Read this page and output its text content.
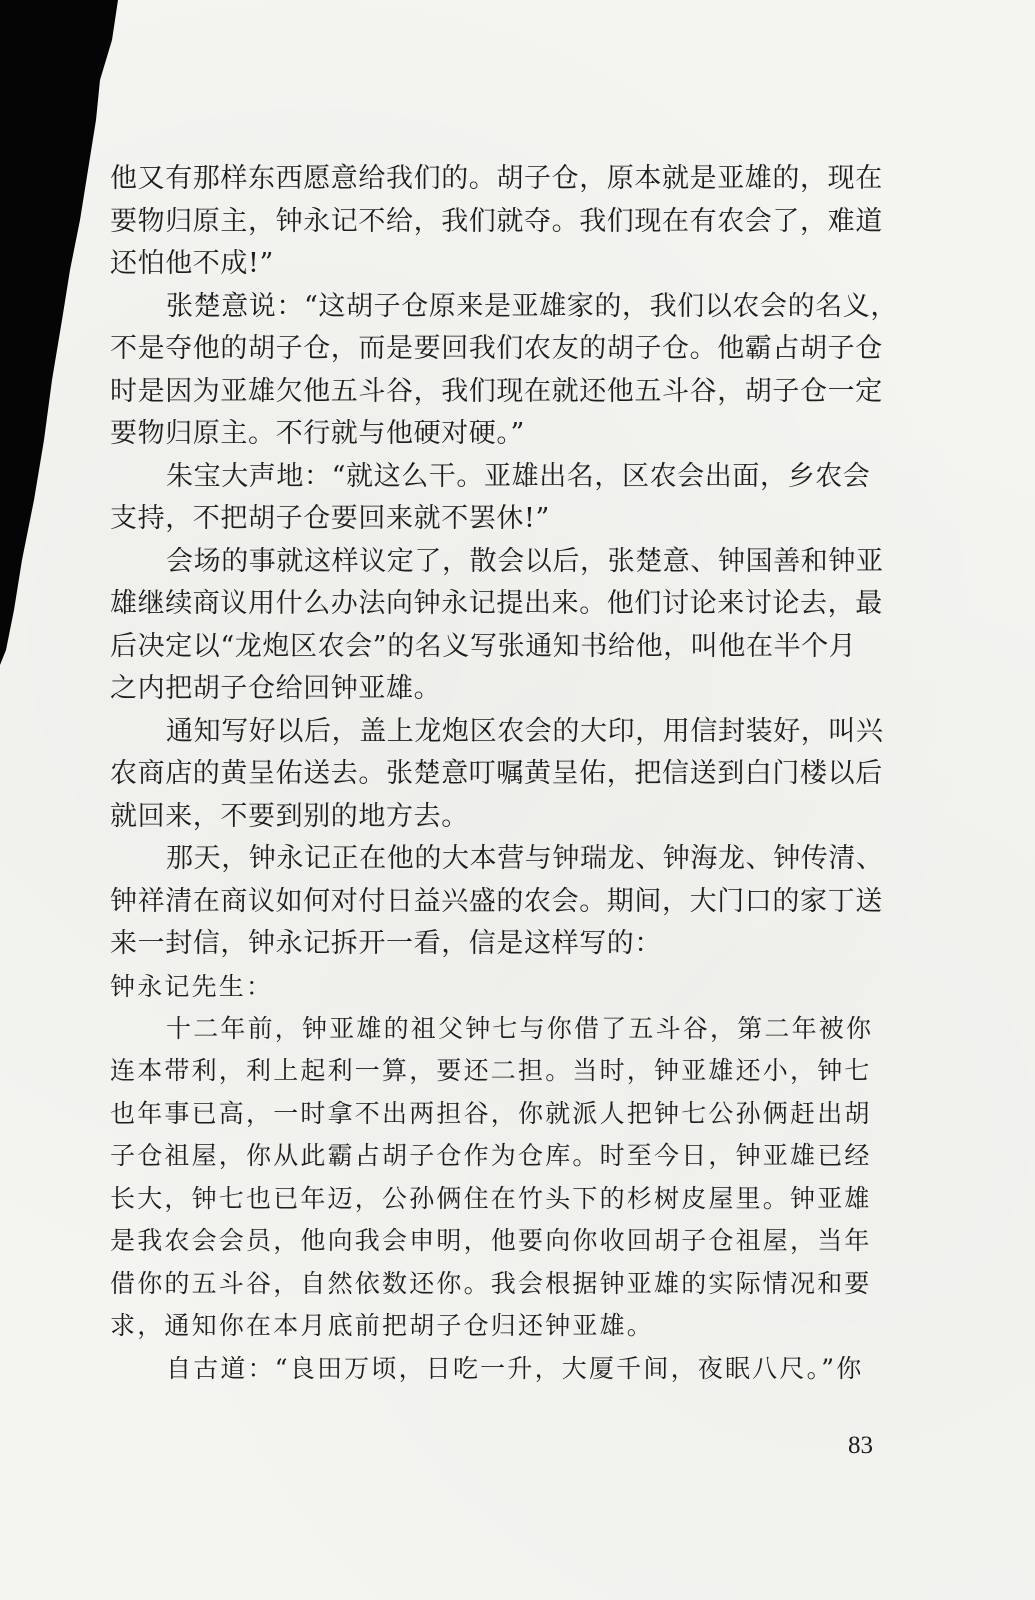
他又有那样东西愿意给我们的。胡子仓，原本就是亚雄的，现在
要物归原主，钟永记不给，我们就夺。我们现在有农会了，难道
还怕他不成!”
张楚意说：“这胡子仓原来是亚雄家的，我们以农会的名义，
不是夺他的胡子仓，而是要回我们农友的胡子仓。他霸占胡子仓
时是因为亚雄欠他五斗谷，我们现在就还他五斗谷，胡子仓一定
要物归原主。不行就与他硬对硬。”
朱宝大声地：“就这么干。亚雄出名，区农会出面，乡农会
支持，不把胡子仓要回来就不罢休!”
会场的事就这样议定了，散会以后，张楚意、钟国善和钟亚
雄继续商议用什么办法向钟永记提出来。他们讨论来讨论去，最
后决定以“龙炮区农会”的名义写张通知书给他，叫他在半个月
之内把胡子仓给回钟亚雄。
通知写好以后，盖上龙炮区农会的大印，用信封装好，叫兴
农商店的黄呈佑送去。张楚意叮嘱黄呈佑，把信送到白门楼以后
就回来，不要到别的地方去。
那天，钟永记正在他的大本营与钟瑞龙、钟海龙、钟传清、
钟祥清在商议如何对付日益兴盛的农会。期间，大门口的家丁送
来一封信，钟永记拆开一看，信是这样写的：
钟永记先生：
十二年前，钟亚雄的祖父钟七与你借了五斗谷，第二年被你
连本带利，利上起利一算，要还二担。当时，钟亚雄还小，钟七
也年事已高，一时拿不出两担谷，你就派人把钟七公孙俩赶出胡
子仓祖屋，你从此霸占胡子仓作为仓库。时至今日，钟亚雄已经
长大，钟七也已年迈，公孙俩住在竹头下的杉树皮屋里。钟亚雄
是我农会会员，他向我会申明，他要向你收回胡子仓祖屋，当年
借你的五斗谷，自然依数还你。我会根据钟亚雄的实际情况和要
求，通知你在本月底前把胡子仓归还钟亚雄。
自古道：“良田万顷，日吃一升，大厦千间，夜眠八尺。”你
83
